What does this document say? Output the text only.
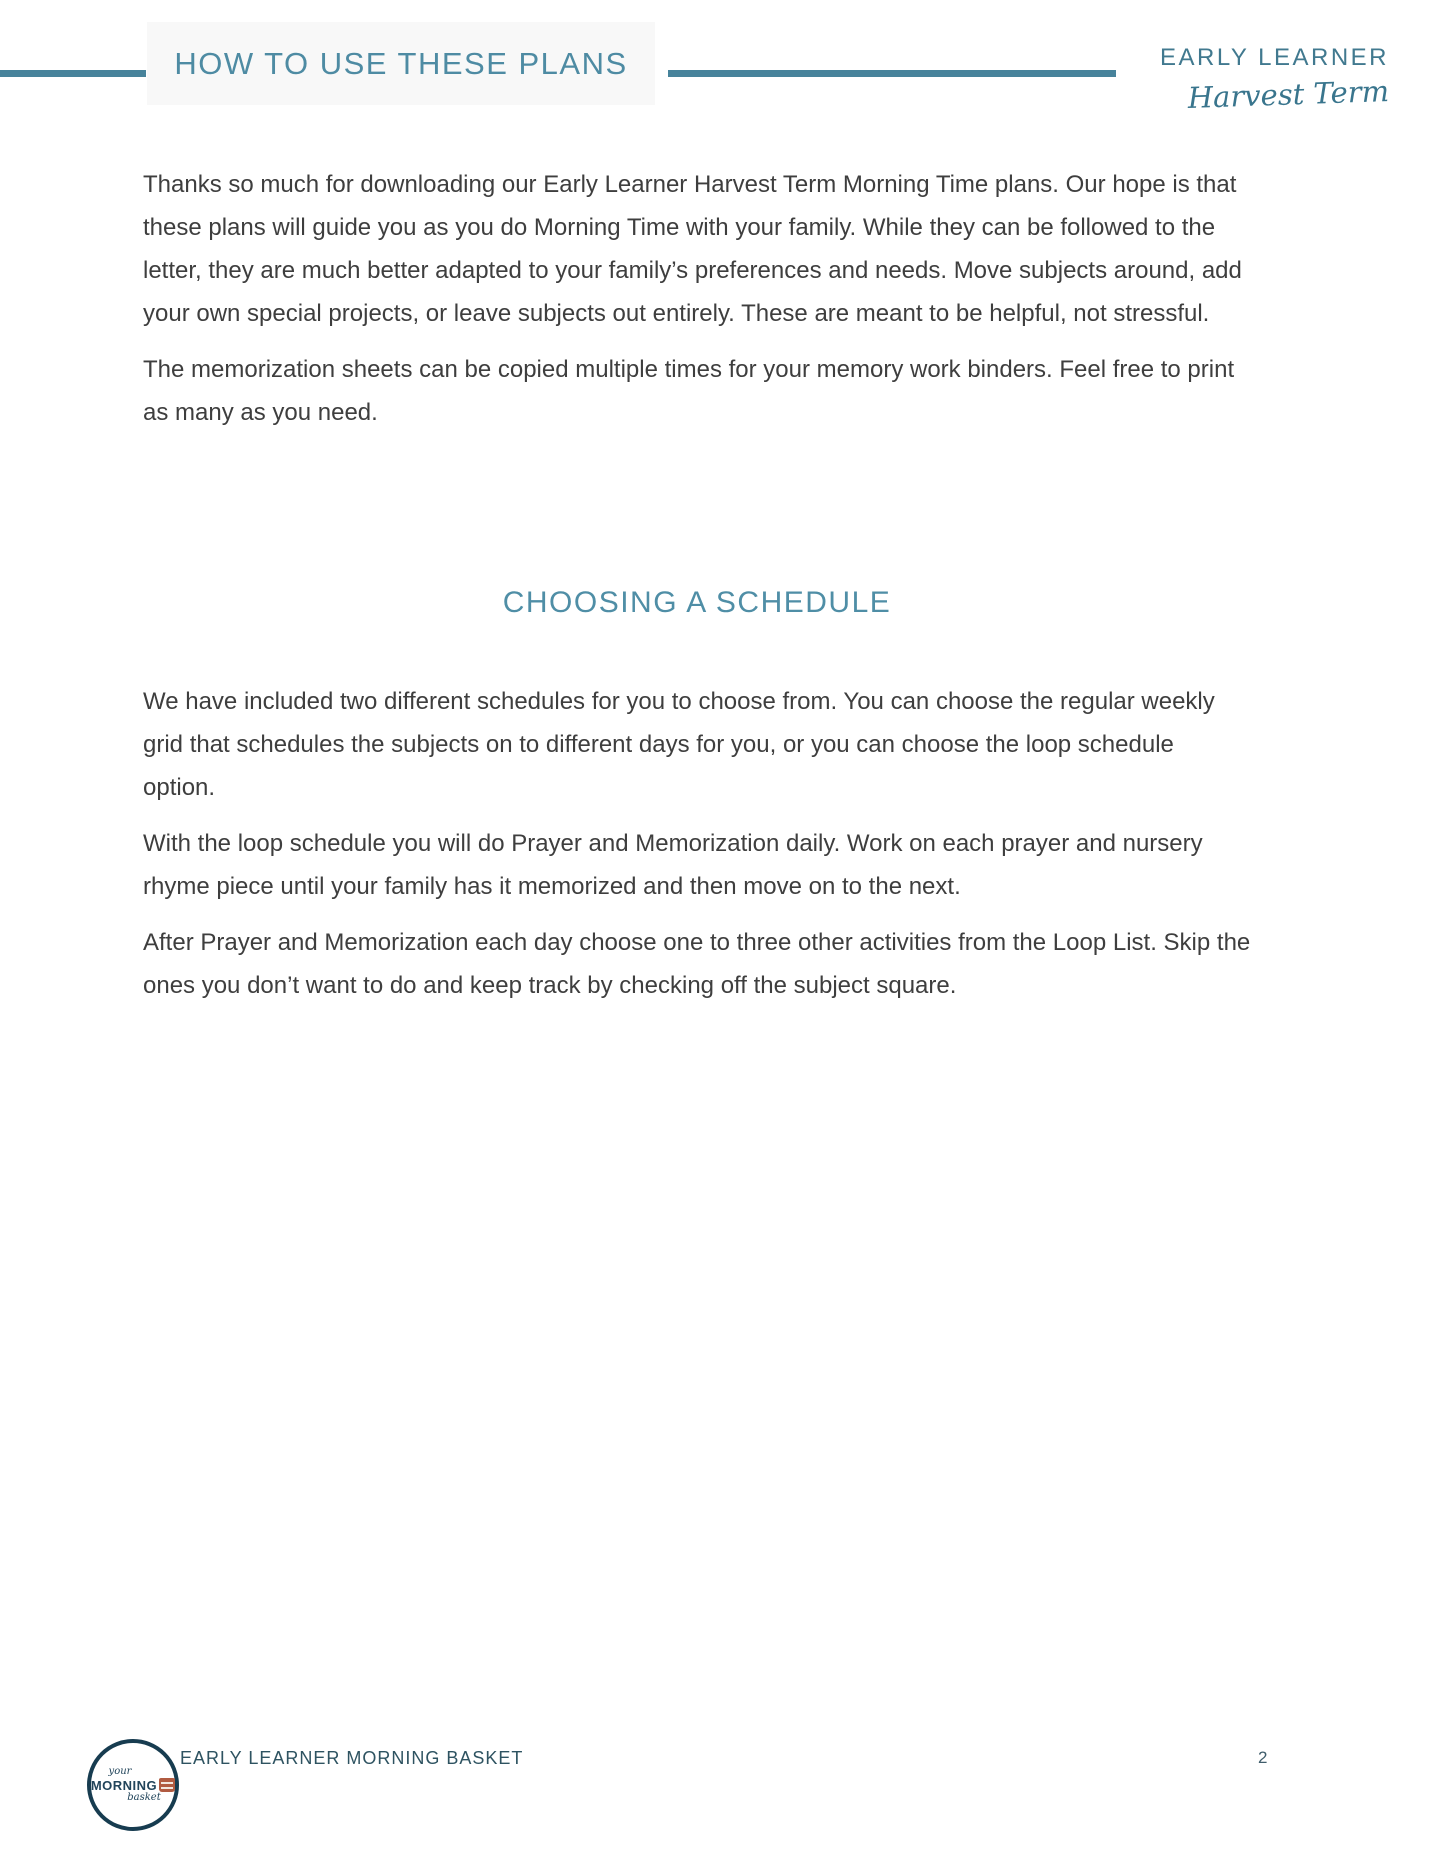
HOW TO USE THESE PLANS	EARLY LEARNER
Harvest Term

Thanks so much for downloading our Early Learner Harvest Term Morning Time plans. Our hope is that these plans will guide you as you do Morning Time with your family. While they can be followed to the letter, they are much better adapted to your family’s preferences and needs. Move subjects around, add your own special projects, or leave subjects out entirely. These are meant to be helpful, not stressful.

The memorization sheets can be copied multiple times for your memory work binders. Feel free to print as many as you need.

CHOOSING A SCHEDULE

We have included two different schedules for you to choose from. You can choose the regular weekly grid that schedules the subjects on to different days for you, or you can choose the loop schedule option.

With the loop schedule you will do Prayer and Memorization daily. Work on each prayer and nursery rhyme piece until your family has it memorized and then move on to the next.

After Prayer and Memorization each day choose one to three other activities from the Loop List. Skip the ones you don’t want to do and keep track by checking off the subject square.

your
MORNING
basket
EARLY LEARNER MORNING BASKET	2
